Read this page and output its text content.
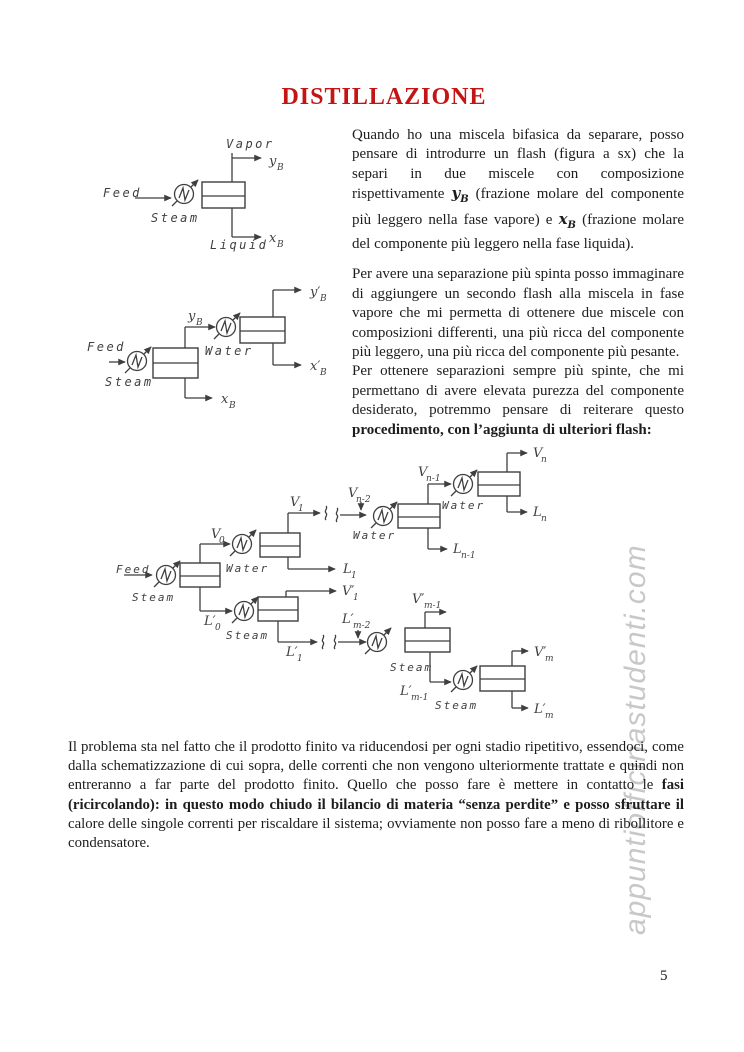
appuntiofficinastudenti.com
DISTILLAZIONE
Vapor
Feed
Steam
Liquid
y B
x B
Feed
Steam
Water
y B
y′ B
x′ B
x B
Feed
Steam
Water
Steam
Water
Water
Steam
Steam
V
0
V
1
L 1
L′ 0
V′
1
L′ 1
V
n-2
V
n-1
V
n
L n
L n-1
L′ m-2
V′ m-1
L′ m-1
V′
m
L′ m

Quando ho una miscela bifasica da separare, posso pensare di introdurre un flash (figura a sx) che la separi in due miscele con composizione rispettivamente $y_B$ (frazione molare del componente più leggero nella fase vapore) e $x_B$ (frazione molare del componente più leggero nella fase liquida).

Per avere una separazione più spinta posso immaginare di aggiungere un secondo flash alla miscela in fase vapore che mi permetta di ottenere due miscele con composizioni differenti, una più ricca del componente più leggero, una più ricca del componente più pesante.

Per ottenere separazioni sempre più spinte, che mi permettano di avere elevata purezza del componente desiderato, potremmo pensare di reiterare questo procedimento, con l’aggiunta di ulteriori flash:

Il problema sta nel fatto che il prodotto finito va riducendosi per ogni stadio ripetitivo, essendoci, come dalla schematizzazione di cui sopra, delle correnti che non vengono ulteriormente trattate e quindi non entreranno a far parte del prodotto finito. Quello che posso fare è mettere in contatto le fasi (ricircolando): in questo modo chiudo il bilancio di materia “senza perdite” e posso sfruttare il calore delle singole correnti per riscaldare il sistema; ovviamente non posso fare a meno di ribollitore e condensatore.
5
